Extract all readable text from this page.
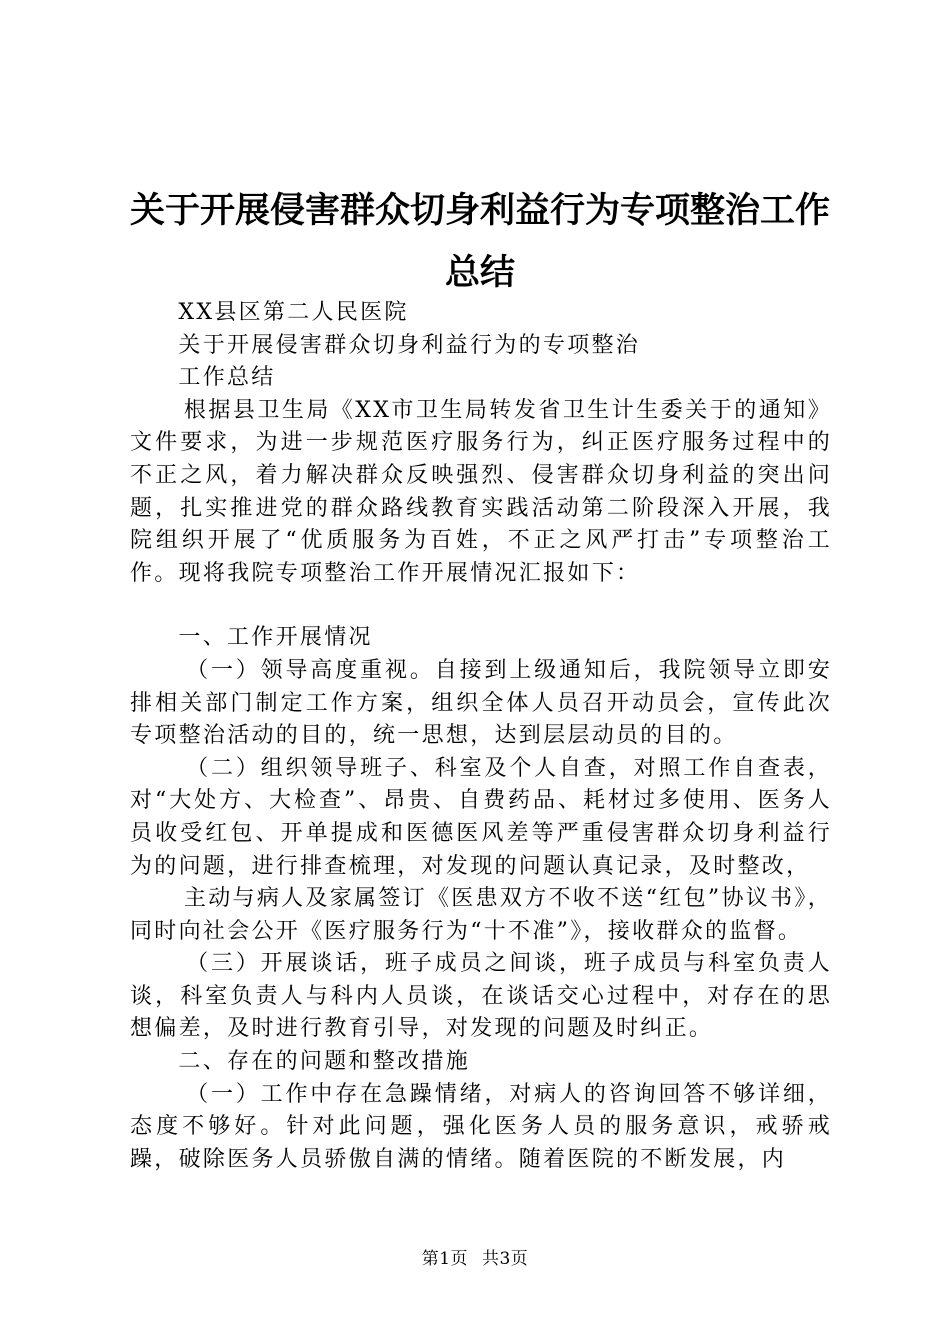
关于开展侵害群众切身利益行为专项整治工作
总结

XX县区第二人民医院

关于开展侵害群众切身利益行为的专项整治

工作总结

根据县卫生局《XX市卫生局转发省卫生计生委关于的通知》文件要求，为进一步规范医疗服务行为，纠正医疗服务过程中的不正之风，着力解决群众反映强烈、侵害群众切身利益的突出问题，扎实推进党的群众路线教育实践活动第二阶段深入开展，我院组织开展了“优质服务为百姓，不正之风严打击”专项整治工作。现将我院专项整治工作开展情况汇报如下：

一、工作开展情况

（一）领导高度重视。自接到上级通知后，我院领导立即安排相关部门制定工作方案，组织全体人员召开动员会，宣传此次专项整治活动的目的，统一思想，达到层层动员的目的。

（二）组织领导班子、科室及个人自查，对照工作自查表，对“大处方、大检查”、昂贵、自费药品、耗材过多使用、医务人员收受红包、开单提成和医德医风差等严重侵害群众切身利益行为的问题，进行排查梳理，对发现的问题认真记录，及时整改，

主动与病人及家属签订《医患双方不收不送“红包”协议书》，同时向社会公开《医疗服务行为“十不准”》，接收群众的监督。

（三）开展谈话，班子成员之间谈，班子成员与科室负责人谈，科室负责人与科内人员谈，在谈话交心过程中，对存在的思想偏差，及时进行教育引导，对发现的问题及时纠正。

二、存在的问题和整改措施

（一）工作中存在急躁情绪，对病人的咨询回答不够详细，态度不够好。针对此问题，强化医务人员的服务意识，戒骄戒躁，破除医务人员骄傲自满的情绪。随着医院的不断发展，内

第1页 共3页
